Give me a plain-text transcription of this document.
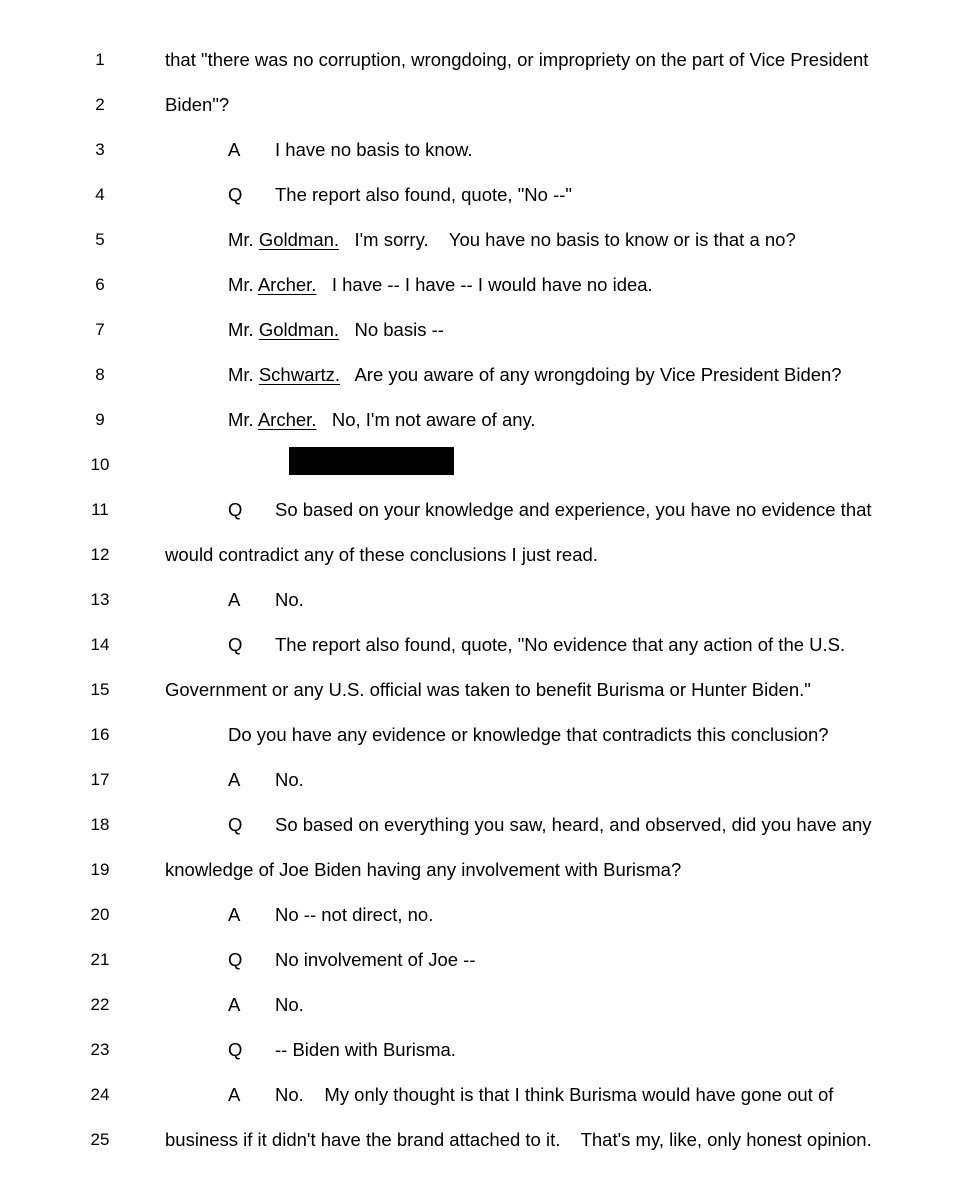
1	that "there was no corruption, wrongdoing, or impropriety on the part of Vice President
2	Biden"?
3	A I have no basis to know.
4	Q The report also found, quote, "No --"
5	Mr. Goldman. I'm sorry.    You have no basis to know or is that a no?
6	Mr. Archer. I have -- I have -- I would have no idea.
7	Mr. Goldman. No basis --
8	Mr. Schwartz. Are you aware of any wrongdoing by Vice President Biden?
9	Mr. Archer. No, I'm not aware of any.
10
11	Q So based on your knowledge and experience, you have no evidence that
12	would contradict any of these conclusions I just read.
13	A No.
14	Q The report also found, quote, "No evidence that any action of the U.S.
15	Government or any U.S. official was taken to benefit Burisma or Hunter Biden."
16	Do you have any evidence or knowledge that contradicts this conclusion?
17	A No.
18	Q So based on everything you saw, heard, and observed, did you have any
19	knowledge of Joe Biden having any involvement with Burisma?
20	A No -- not direct, no.
21	Q No involvement of Joe --
22	A No.
23	Q -- Biden with Burisma.
24	A No.    My only thought is that I think Burisma would have gone out of
25	business if it didn't have the brand attached to it.    That's my, like, only honest opinion.
